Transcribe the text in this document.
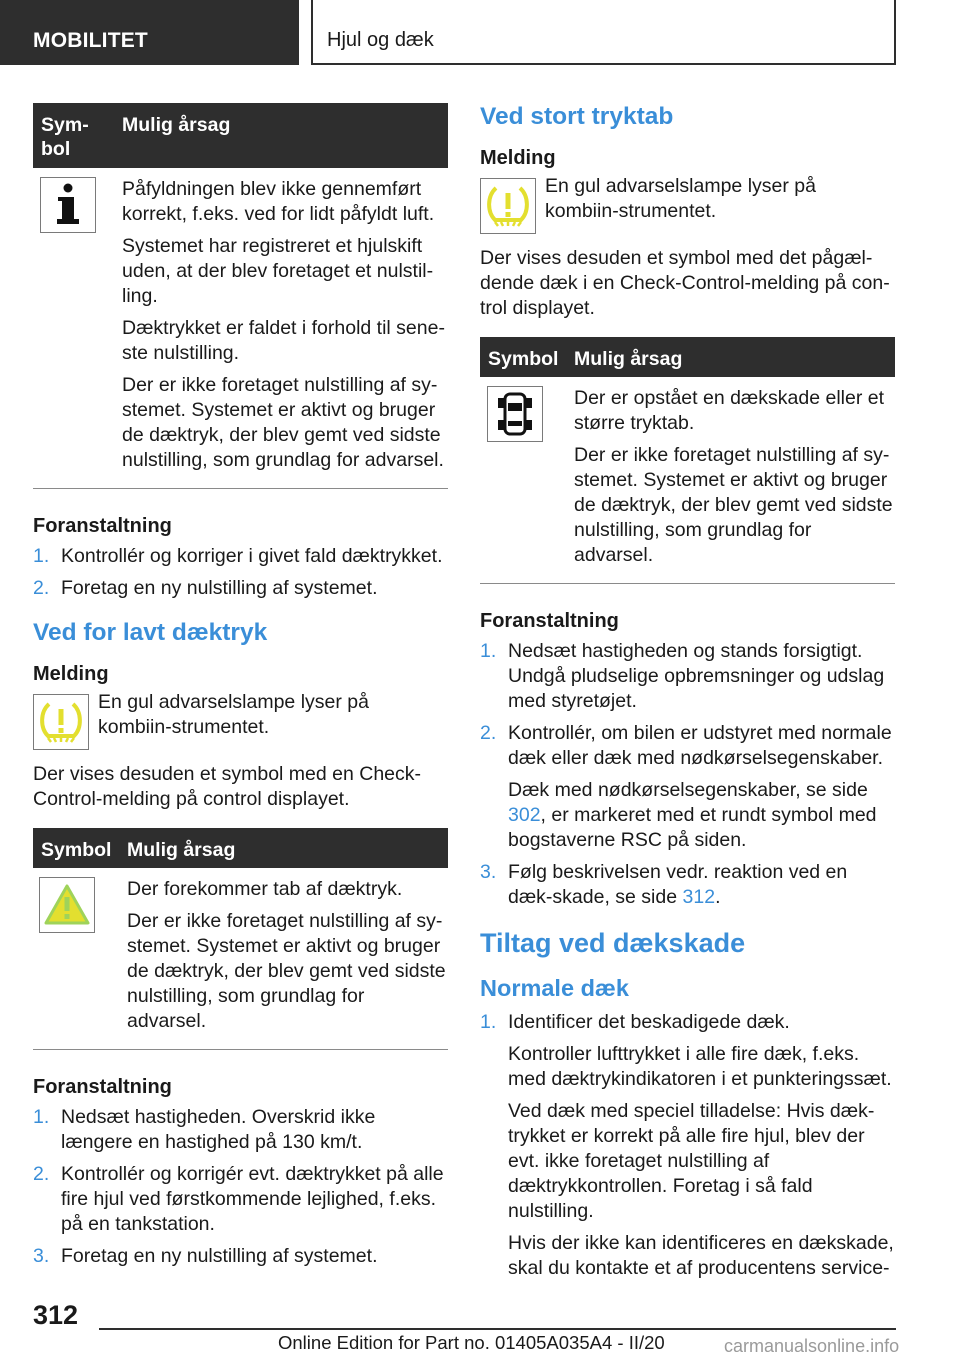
MOBILITET	Hjul og dæk
Sym-
bol
Mulig årsag

Påfyldningen blev ikke gennemført korrekt, f.eks. ved for lidt påfyldt luft.

Systemet har registreret et hjulskift uden, at der blev foretaget et nulstil-ling.

Dæktrykket er faldet i forhold til sene-ste nulstilling.

Der er ikke foretaget nulstilling af sy-stemet. Systemet er aktivt og bruger de dæktryk, der blev gemt ved sidste nulstilling, som grundlag for advarsel.

Foranstaltning
1. Kontrollér og korriger i givet fald dæktrykket.
2. Foretag en ny nulstilling af systemet.
Ved for lavt dæktryk
Melding

En gul advarselslampe lyser på kombiin-strumentet.

Der vises desuden et symbol med en Check-Control-melding på control displayet.

Symbol Mulig årsag

Der forekommer tab af dæktryk.

Der er ikke foretaget nulstilling af sy-stemet. Systemet er aktivt og bruger de dæktryk, der blev gemt ved sidste nulstilling, som grundlag for advarsel.

Foranstaltning
1. Nedsæt hastigheden. Overskrid ikke længere en hastighed på 130 km/t.
2. Kontrollér og korrigér evt. dæktrykket på alle fire hjul ved førstkommende lejlighed, f.eks. på en tankstation.
3. Foretag en ny nulstilling af systemet.
Ved stort tryktab
Melding

En gul advarselslampe lyser på kombiin-strumentet.

Der vises desuden et symbol med det pågæl-dende dæk i en Check-Control-melding på con-trol displayet.

Symbol Mulig årsag

Der er opstået en dækskade eller et større tryktab.

Der er ikke foretaget nulstilling af sy-stemet. Systemet er aktivt og bruger de dæktryk, der blev gemt ved sidste nulstilling, som grundlag for advarsel.

Foranstaltning
1. Nedsæt hastigheden og stands forsigtigt. Undgå pludselige opbremsninger og udslag med styretøjet.
2. Kontrollér, om bilen er udstyret med normale dæk eller dæk med nødkørselsegenskaber.

Dæk med nødkørselsegenskaber, se side 302, er markeret med et rundt symbol med bogstaverne RSC på siden.

3. Følg beskrivelsen vedr. reaktion ved en dæk-skade, se side 312.
Tiltag ved dækskade
Normale dæk
1. Identificer det beskadigede dæk.

Kontroller lufttrykket i alle fire dæk, f.eks. med dæktrykindikatoren i et punkteringssæt.

Ved dæk med speciel tilladelse: Hvis dæk-trykket er korrekt på alle fire hjul, blev der evt. ikke foretaget nulstilling af dæktrykkontrollen. Foretag i så fald nulstilling.

Hvis der ikke kan identificeres en dækskade, skal du kontakte et af producentens service-

312
Online Edition for Part no. 01405A035A4 - II/20	carmanualsonline.info
